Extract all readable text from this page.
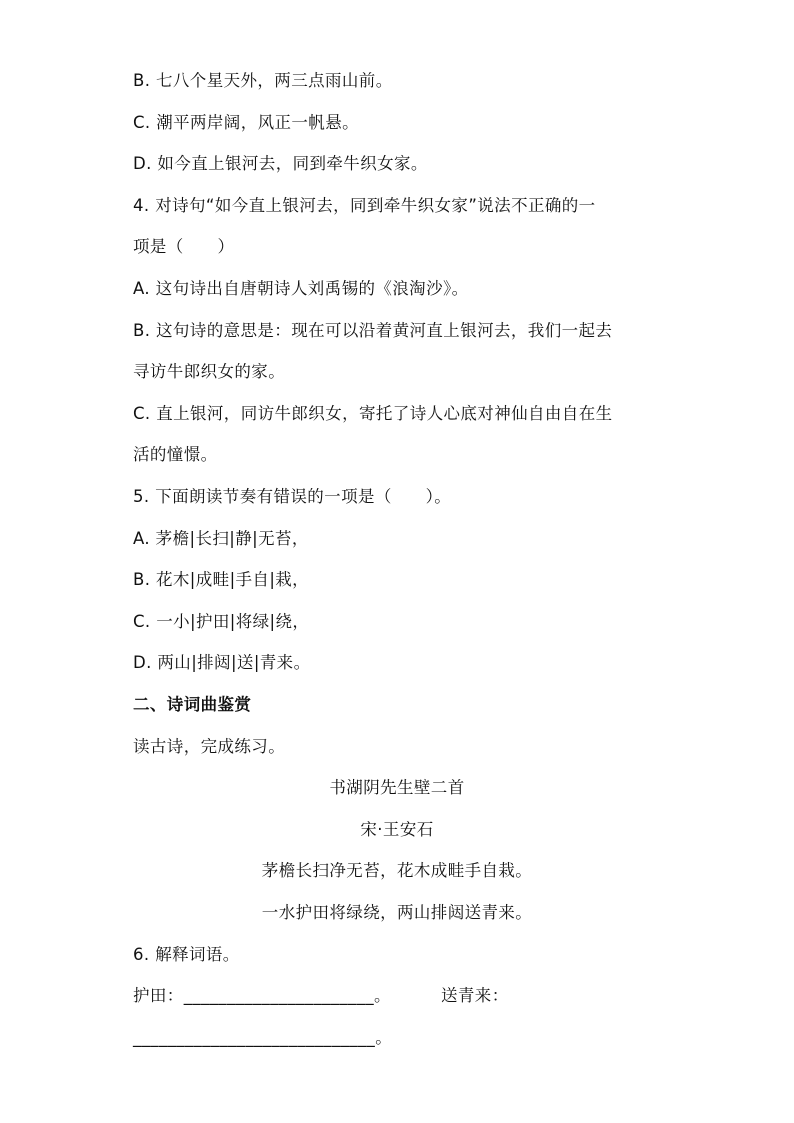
B. 七八个星天外，两三点雨山前。
C. 潮平两岸阔，风正一帆悬。
D. 如今直上银河去，同到牵牛织女家。
4. 对诗句“如今直上银河去，同到牵牛织女家”说法不正确的一
项是（　　）
A. 这句诗出自唐朝诗人刘禹锡的《浪淘沙》。
B. 这句诗的意思是：现在可以沿着黄河直上银河去，我们一起去
寻访牛郎织女的家。
C. 直上银河，同访牛郎织女，寄托了诗人心底对神仙自由自在生
活的憧憬。
5. 下面朗读节奏有错误的一项是（　　）。
A. 茅檐|长扫|静|无苔，
B. 花木|成畦|手自|栽，
C. 一小|护田|将绿|绕，
D. 两山|排闼|送|青来。
二、诗词曲鉴赏
读古诗，完成练习。
书湖阴先生壁二首
宋·王安石
茅檐长扫净无苔，花木成畦手自栽。
一水护田将绿绕，两山排闼送青来。
6. 解释词语。
护田：______________________。	送青来：
____________________________。
